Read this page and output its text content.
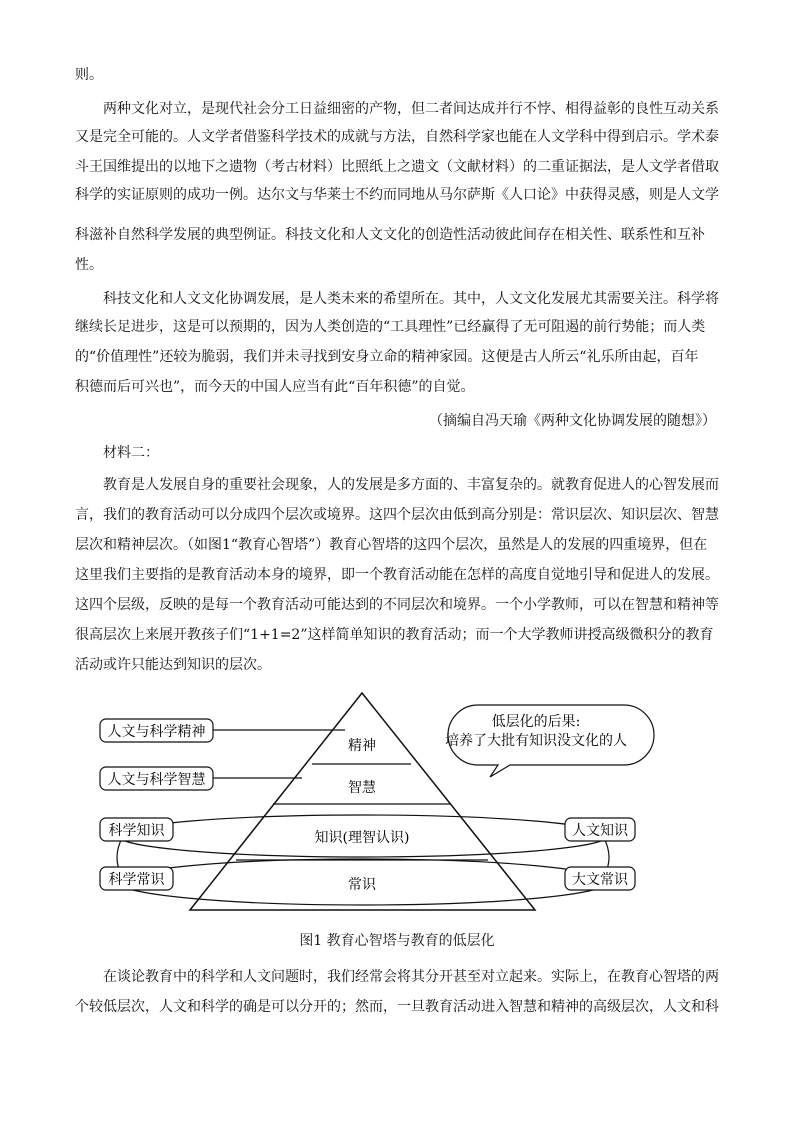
则。
两种文化对立，是现代社会分工日益细密的产物，但二者间达成并行不悖、相得益彰的良性互动关系
又是完全可能的。人文学者借鉴科学技术的成就与方法，自然科学家也能在人文学科中得到启示。学术泰
斗王国维提出的以地下之遗物（考古材料）比照纸上之遗文（文献材料）的二重证据法，是人文学者借取
科学的实证原则的成功一例。达尔文与华莱士不约而同地从马尔萨斯《人口论》中获得灵感，则是人文学
科滋补自然科学发展的典型例证。科技文化和人文文化的创造性活动彼此间存在相关性、联系性和互补
性。
科技文化和人文文化协调发展，是人类未来的希望所在。其中，人文文化发展尤其需要关注。科学将
继续长足进步，这是可以预期的，因为人类创造的“工具理性”已经赢得了无可阻遏的前行势能；而人类
的“价值理性”还较为脆弱，我们并未寻找到安身立命的精神家园。这便是古人所云“礼乐所由起，百年
积德而后可兴也”，而今天的中国人应当有此“百年积德”的自觉。
（摘编自冯天瑜《两种文化协调发展的随想》）
材料二：
教育是人发展自身的重要社会现象，人的发展是多方面的、丰富复杂的。就教育促进人的心智发展而
言，我们的教育活动可以分成四个层次或境界。这四个层次由低到高分别是：常识层次、知识层次、智慧
层次和精神层次。（如图1“教育心智塔”）教育心智塔的这四个层次，虽然是人的发展的四重境界，但在
这里我们主要指的是教育活动本身的境界，即一个教育活动能在怎样的高度自觉地引导和促进人的发展。
这四个层级，反映的是每一个教育活动可能达到的不同层次和境界。一个小学教师，可以在智慧和精神等
很高层次上来展开教孩子们“1+1=2”这样简单知识的教育活动；而一个大学教师讲授高级微积分的教育
活动或许只能达到知识的层次。
人文与科学精神
人文与科学智慧
科学知识
科学常识
人文知识
大文常识
精神
智慧
知识(理智认识)
常识
低层化的后果:
培养了大批有知识没文化的人
图1 教育心智塔与教育的低层化
在谈论教育中的科学和人文问题时，我们经常会将其分开甚至对立起来。实际上，在教育心智塔的两
个较低层次，人文和科学的确是可以分开的；然而，一旦教育活动进入智慧和精神的高级层次，人文和科
